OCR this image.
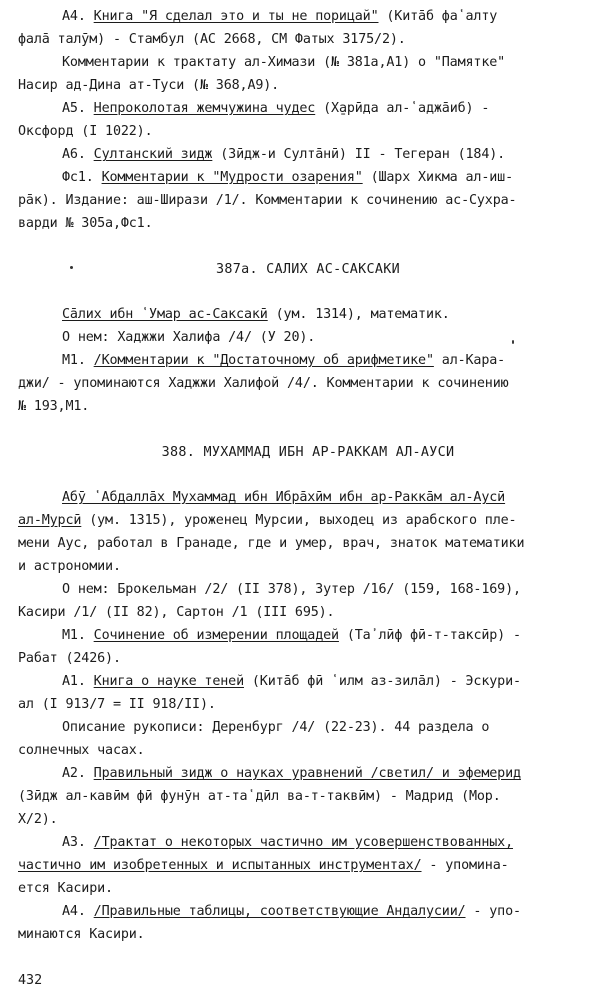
А4. Книга "Я сделал это и ты не порицай" (Кита̄б фа῾алту
фала̄ талӯм) - Стамбул (АС 2668, СМ Фатых 3175/2).
Комментарии к трактату ал-Химази (№ 381а,А1) о "Памятке"
Насир ад-Дина ат-Туси (№ 368,А9).
А5. Непроколотая жемчужина чудес (Х̱арӣда ал-῾аджа̄иб) -
Оксфорд (I 1022).
А6. Султанский зидж (Зӣдж-и Султа̄нӣ) II - Тегеран (184).
Фс1. Комментарии к "Мудрости озарения" (Шарх Хикма ал-иш-
ра̄к). Издание: аш-Ширази /1/. Комментарии к сочинению ас-Сухра-
варди № 305а,Фс1.
387а. САЛИХ АС-САКСАКИ
Са̄лих ибн ῾Умар ас-Саксакӣ (ум. 1314), математик.
О нем: Хаджжи Халифа /4/ (У 20).
М1. /Комментарии к "Достаточному об арифметике" ал-Кара-
джи/ - упоминаются Хаджжи Халифой /4/. Комментарии к сочинению
№ 193,М1.
388. МУХАММАД ИБН АР-РАККАМ АЛ-АУСИ
Абӯ ῾Абдалла̄х Мухаммад ибн Ибра̄хӣм ибн ар-Ракка̄м ал-Аусӣ
ал-Мурсӣ (ум. 1315), уроженец Мурсии, выходец из арабского пле-
мени Аус, работал в Гранаде, где и умер, врач, знаток математики
и астрономии.
О нем: Брокельман /2/ (II 378), Зутер /16/ (159, 168-169),
Касири /1/ (II 82), Сартон /1 (III 695).
М1. Сочинение об измерении площадей (Та᾿лӣф фӣ-т-таксӣр) -
Рабат (2426).
А1. Книга о науке теней (Кита̄б фӣ ῾илм аз-зила̄л) - Эскури-
ал (I 913/7 = II 918/II).
Описание рукописи: Деренбург /4/ (22-23). 44 раздела о
солнечных часах.
А2. Правильный зидж о науках уравнений /светил/ и эфемерид
(Зӣдж ал-кавӣм фӣ фунӯн ат-та῾дӣл ва-т-таквӣм) - Мадрид (Мор.
Х/2).
А3. /Трактат о некоторых частично им усовершенствованных,
частично им изобретенных и испытанных инструментах/ - упомина-
ется Касири.
А4. /Правильные таблицы, соответствующие Андалусии/ - упо-
минаются Касири.
432
